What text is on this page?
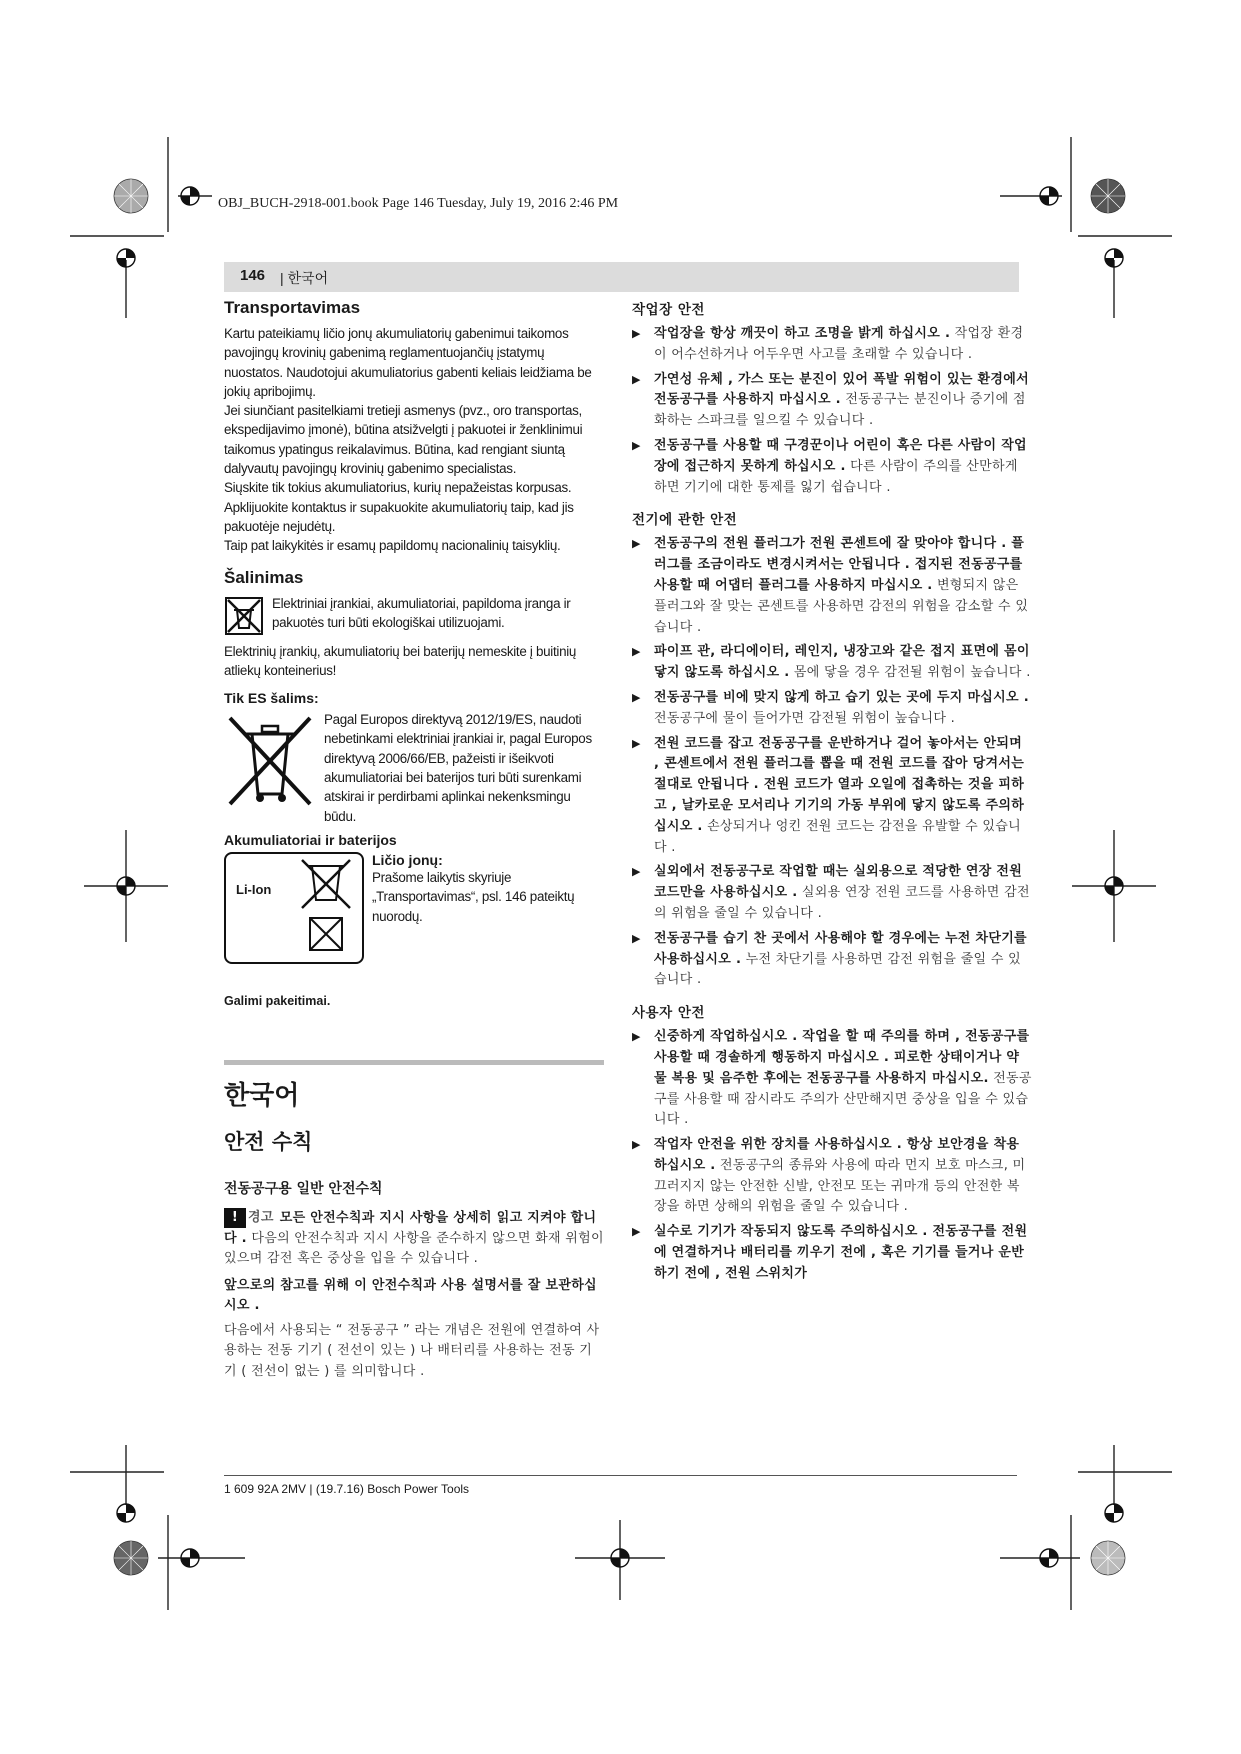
OBJ_BUCH-2918-001.book Page 146 Tuesday, July 19, 2016 2:46 PM
146 | 한국어
Transportavimas

Kartu pateikiamų ličio jonų akumuliatorių gabenimui taikomos pavojingų krovinių gabenimą reglamentuojančių įstatymų nuostatos. Naudotojui akumuliatorius gabenti keliais leidžiama be jokių apribojimų.

Jei siunčiant pasitelkiami tretieji asmenys (pvz., oro transportas, ekspedijavimo įmonė), būtina atsižvelgti į pakuotei ir ženklinimui taikomus ypatingus reikalavimus. Būtina, kad rengiant siuntą dalyvautų pavojingų krovinių gabenimo specialistas.

Siųskite tik tokius akumuliatorius, kurių nepažeistas korpusas. Apklijuokite kontaktus ir supakuokite akumuliatorių taip, kad jis pakuotėje nejudėtų.

Taip pat laikykitės ir esamų papildomų nacionalinių taisyklių.

Šalinimas

Elektriniai įrankiai, akumuliatoriai, papildoma įranga ir pakuotės turi būti ekologiškai utilizuojami.

Elektrinių įrankių, akumuliatorių bei baterijų nemeskite į buitinių atliekų konteinerius!

Tik ES šalims:

Pagal Europos direktyvą 2012/19/ES, naudoti nebetinkami elektriniai įrankiai ir, pagal Europos direktyvą 2006/66/EB, pažeisti ir išeikvoti akumuliatoriai bei baterijos turi būti surenkami atskirai ir perdirbami aplinkai nekenksmingu būdu.

Akumuliatoriai ir baterijos
Li-Ion
Ličio jonų:

Prašome laikytis skyriuje „Transportavimas“, psl. 146 pateiktų nuorodų.

Galimi pakeitimai.
한국어
안전 수칙
전동공구용 일반 안전수칙
! 경고 모든 안전수칙과 지시 사항을 상세히 읽고 지켜야 합니다 . 다음의 안전수칙과 지시 사항을 준수하지 않으면 화재 위험이 있으며 감전 혹은 중상을 입을 수 있습니다 .
앞으로의 참고를 위해 이 안전수칙과 사용 설명서를 잘 보관하십시오 .
다음에서 사용되는 “ 전동공구 ” 라는 개념은 전원에 연결하여 사용하는 전동 기기 ( 전선이 있는 ) 나 배터리를 사용하는 전동 기기 ( 전선이 없는 ) 를 의미합니다 .
작업장 안전
▶ 작업장을 항상 깨끗이 하고 조명을 밝게 하십시오 . 작업장 환경이 어수선하거나 어두우면 사고를 초래할 수 있습니다 .
▶ 가연성 유체 , 가스 또는 분진이 있어 폭발 위험이 있는 환경에서 전동공구를 사용하지 마십시오 . 전동공구는 분진이나 증기에 점화하는 스파크를 일으킬 수 있습니다 .
▶ 전동공구를 사용할 때 구경꾼이나 어린이 혹은 다른 사람이 작업장에 접근하지 못하게 하십시오 . 다른 사람이 주의를 산만하게 하면 기기에 대한 통제를 잃기 쉽습니다 .
전기에 관한 안전
▶ 전동공구의 전원 플러그가 전원 콘센트에 잘 맞아야 합니다 . 플러그를 조금이라도 변경시켜서는 안됩니다 . 접지된 전동공구를 사용할 때 어댑터 플러그를 사용하지 마십시오 . 변형되지 않은 플러그와 잘 맞는 콘센트를 사용하면 감전의 위험을 감소할 수 있습니다 .
▶ 파이프 관, 라디에이터, 레인지, 냉장고와 같은 접지 표면에 몸이 닿지 않도록 하십시오 . 몸에 닿을 경우 감전될 위험이 높습니다 .
▶ 전동공구를 비에 맞지 않게 하고 습기 있는 곳에 두지 마십시오 . 전동공구에 물이 들어가면 감전될 위험이 높습니다 .
▶ 전원 코드를 잡고 전동공구를 운반하거나 걸어 놓아서는 안되며 , 콘센트에서 전원 플러그를 뽑을 때 전원 코드를 잡아 당겨서는 절대로 안됩니다 . 전원 코드가 열과 오일에 접촉하는 것을 피하고 , 날카로운 모서리나 기기의 가동 부위에 닿지 않도록 주의하십시오 . 손상되거나 엉킨 전원 코드는 감전을 유발할 수 있습니다 .
▶ 실외에서 전동공구로 작업할 때는 실외용으로 적당한 연장 전원 코드만을 사용하십시오 . 실외용 연장 전원 코드를 사용하면 감전의 위험을 줄일 수 있습니다 .
▶ 전동공구를 습기 찬 곳에서 사용해야 할 경우에는 누전 차단기를 사용하십시오 . 누전 차단기를 사용하면 감전 위험을 줄일 수 있습니다 .
사용자 안전
▶ 신중하게 작업하십시오 . 작업을 할 때 주의를 하며 , 전동공구를 사용할 때 경솔하게 행동하지 마십시오 . 피로한 상태이거나 약물 복용 및 음주한 후에는 전동공구를 사용하지 마십시오. 전동공구를 사용할 때 잠시라도 주의가 산만해지면 중상을 입을 수 있습니다 .
▶ 작업자 안전을 위한 장치를 사용하십시오 . 항상 보안경을 착용하십시오 . 전동공구의 종류와 사용에 따라 먼지 보호 마스크, 미끄러지지 않는 안전한 신발, 안전모 또는 귀마개 등의 안전한 복장을 하면 상해의 위험을 줄일 수 있습니다 .
▶ 실수로 기기가 작동되지 않도록 주의하십시오 . 전동공구를 전원에 연결하거나 배터리를 끼우기 전에 , 혹은 기기를 들거나 운반하기 전에 , 전원 스위치가
1 609 92A 2MV | (19.7.16) Bosch Power Tools
